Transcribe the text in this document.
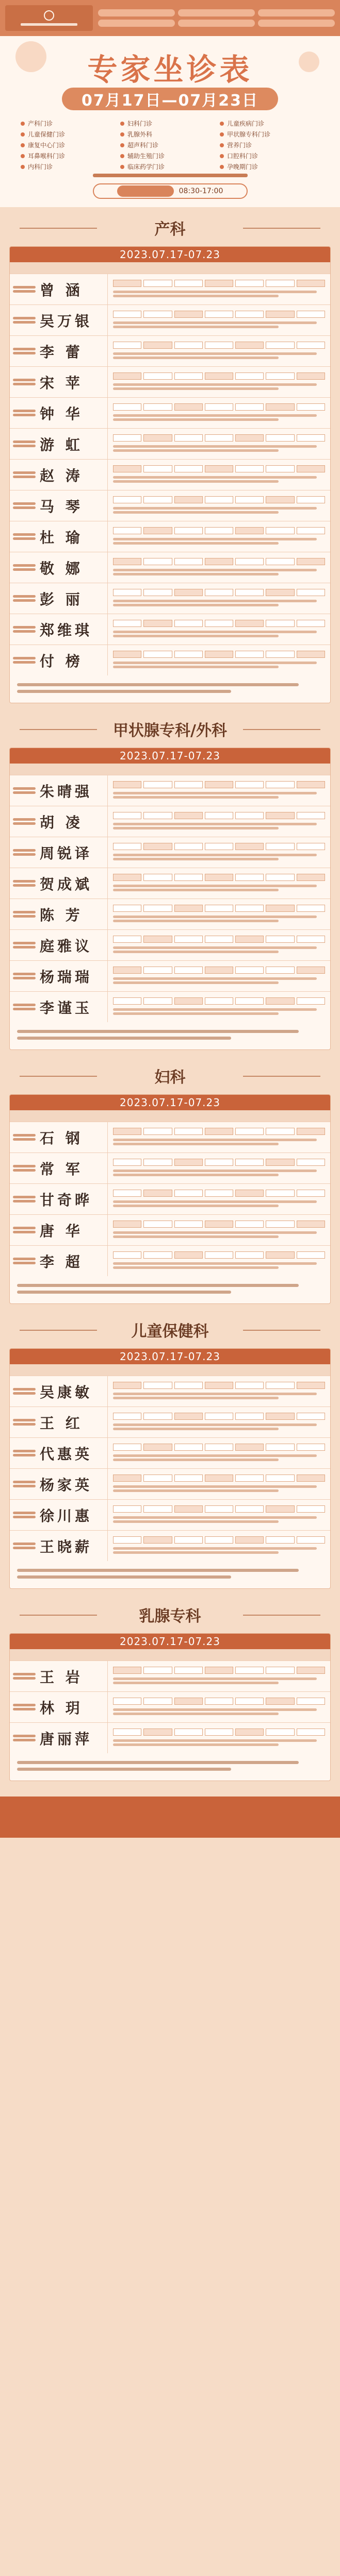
专家坐诊表
07月17日—07月23日
产科门诊	妇科门诊	儿童疾病门诊
儿童保健门诊	乳腺外科	甲状腺专科门诊
康复中心门诊	超声科门诊	营养门诊
耳鼻喉科门诊	辅助生殖门诊	口腔科门诊
内科门诊	临床药学门诊	孕晚期门诊
08:30-17:00
产科
2023.07.17-07.23
曾 涵
吴万银
李 蕾
宋 苹
钟 华
游 虹
赵 涛
马 琴
杜 瑜
敬 娜
彭 丽
郑维琪
付 榜
甲状腺专科/外科
2023.07.17-07.23
朱晴强
胡 凌
周锐译
贺成斌
陈 芳
庭雅议
杨瑞瑞
李谨玉
妇科
2023.07.17-07.23
石 钢
常 军
甘奇晔
唐 华
李 超
儿童保健科
2023.07.17-07.23
吴康敏
王 红
代惠英
杨家英
徐川惠
王晓薪
乳腺专科
2023.07.17-07.23
王 岩
林 玥
唐丽萍
